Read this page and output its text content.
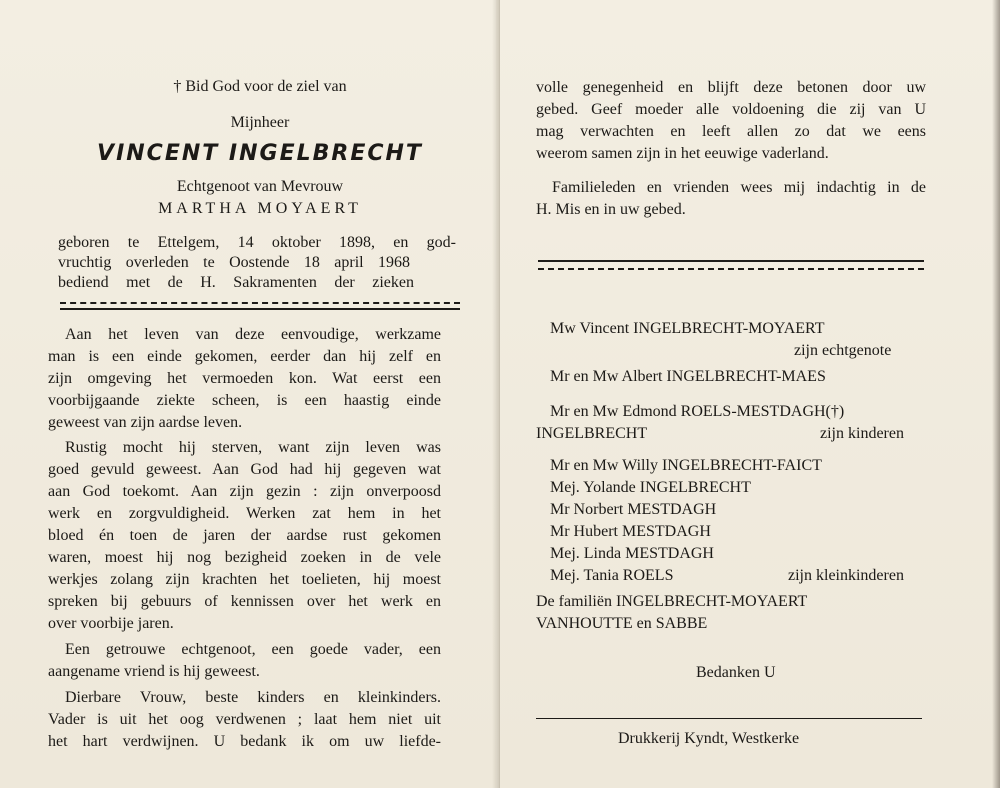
† Bid God voor de ziel van
Mijnheer
VINCENT INGELBRECHT
Echtgenoot van Mevrouw
MARTHA MOYAERT
geboren te Ettelgem, 14 oktober 1898, en god-
vruchtig overleden te Oostende 18 april 1968
bediend met de H. Sakramenten der zieken
Aan het leven van deze eenvoudige, werkzame
man is een einde gekomen, eerder dan hij zelf en
zijn omgeving het vermoeden kon. Wat eerst een
voorbijgaande ziekte scheen, is een haastig einde
geweest van zijn aardse leven.
Rustig mocht hij sterven, want zijn leven was
goed gevuld geweest. Aan God had hij gegeven wat
aan God toekomt. Aan zijn gezin : zijn onverpoosd
werk en zorgvuldigheid. Werken zat hem in het
bloed én toen de jaren der aardse rust gekomen
waren, moest hij nog bezigheid zoeken in de vele
werkjes zolang zijn krachten het toelieten, hij moest
spreken bij gebuurs of kennissen over het werk en
over voorbije jaren.
Een getrouwe echtgenoot, een goede vader, een
aangename vriend is hij geweest.
Dierbare Vrouw, beste kinders en kleinkinders.
Vader is uit het oog verdwenen ; laat hem niet uit
het hart verdwijnen. U bedank ik om uw liefde-
volle genegenheid en blijft deze betonen door uw
gebed. Geef moeder alle voldoening die zij van U
mag verwachten en leeft allen zo dat we eens
weerom samen zijn in het eeuwige vaderland.
Familieleden en vrienden wees mij indachtig in de
H. Mis en in uw gebed.
Mw Vincent INGELBRECHT-MOYAERT
zijn echtgenote
Mr en Mw Albert INGELBRECHT-MAES
Mr en Mw Edmond ROELS-MESTDAGH(†)
INGELBRECHT	zijn kinderen
Mr en Mw Willy INGELBRECHT-FAICT
Mej. Yolande INGELBRECHT
Mr Norbert MESTDAGH
Mr Hubert MESTDAGH
Mej. Linda MESTDAGH
Mej. Tania ROELS	zijn kleinkinderen
De familiën INGELBRECHT-MOYAERT
VANHOUTTE en SABBE
Bedanken U
Drukkerij Kyndt, Westkerke
